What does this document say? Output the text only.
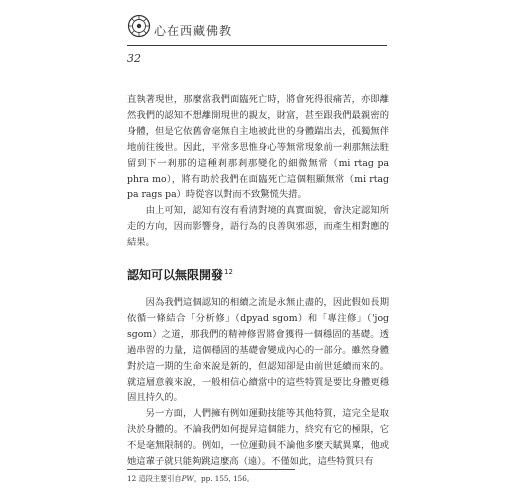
心在西藏佛教
32

直執著現世，那麼當我們面臨死亡時，將會死得很痛苦，亦即離然我們的認知不想離開現世的親友，財富，甚至跟我們最親密的身體，但是它依舊會毫無自主地被此世的身體踹出去，孤獨無伴地前往後世。因此，平常多思惟身心等無常現象前一剎那無法駐留到下一剎那的這種剎那剎那變化的細微無常（mi rtag pa phra mo），將有助於我們在面臨死亡這個粗顯無常（mi rtag pa rags pa）時從容以對而不致驚慌失措。

由上可知，認知有沒有看清對境的真實面貌，會決定認知所走的方向，因而影響身，語行為的良善與邪惡，而產生相對應的結果。

認知可以無限開發$^{12}$

因為我們這個認知的相續之流是永無止盡的，因此假如長期依循一條結合「分析修」（dpyad sgom）和「專注修」（'jog sgom）之道，那我們的精神修習將會獲得一個穩固的基礎。透過串習的力量，這個穩固的基礎會變成內心的一部分。雖然身體對於這一期的生命來說是新的，但認知卻是由前世延續而來的。就這層意義來說，一般相信心續當中的這些特質是要比身體更穩固且持久的。

另一方面，人們擁有例如運動技能等其他特質，這完全是取決於身體的。不論我們如何提昇這個能力，終究有它的極限，它不是毫無限制的。例如，一位運動員不論他多麼天賦異稟，他或她這輩子就只能夠跳這麼高（遠）。不僅如此，這些特質只有

12 這段主要引自PW，pp. 155, 156。
